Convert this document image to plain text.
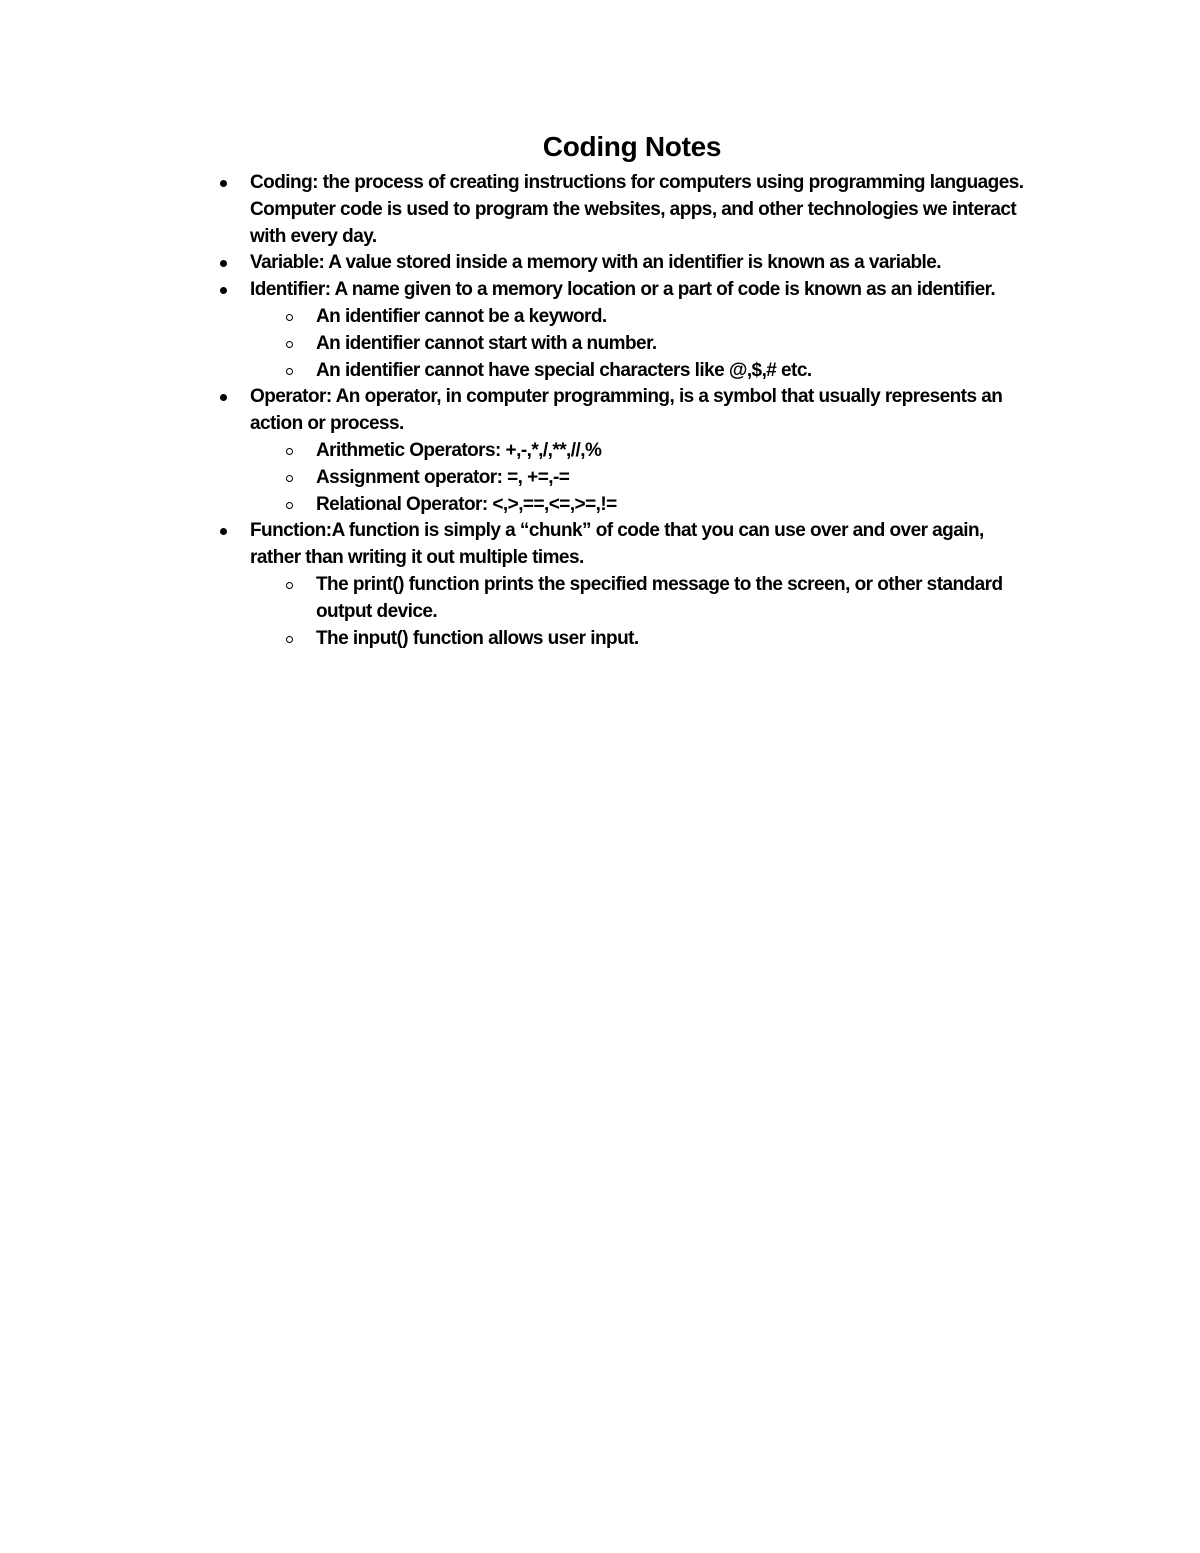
Coding Notes
Coding: the process of creating instructions for computers using programming languages. Computer code is used to program the websites, apps, and other technologies we interact with every day.
Variable: A value stored inside a memory with an identifier is known as a variable.
Identifier: A name given to a memory location or a part of code is known as an identifier.
An identifier cannot be a keyword.
An identifier cannot start with a number.
An identifier cannot have special characters like @,$,# etc.
Operator: An operator, in computer programming, is a symbol that usually represents an action or process.
Arithmetic Operators: +,-,*,/,**,//,%
Assignment operator: =, +=,-=
Relational Operator: <,>,==,<=,>=,!=
Function:A function is simply a “chunk” of code that you can use over and over again, rather than writing it out multiple times.
The print() function prints the specified message to the screen, or other standard output device.
The input() function allows user input.
